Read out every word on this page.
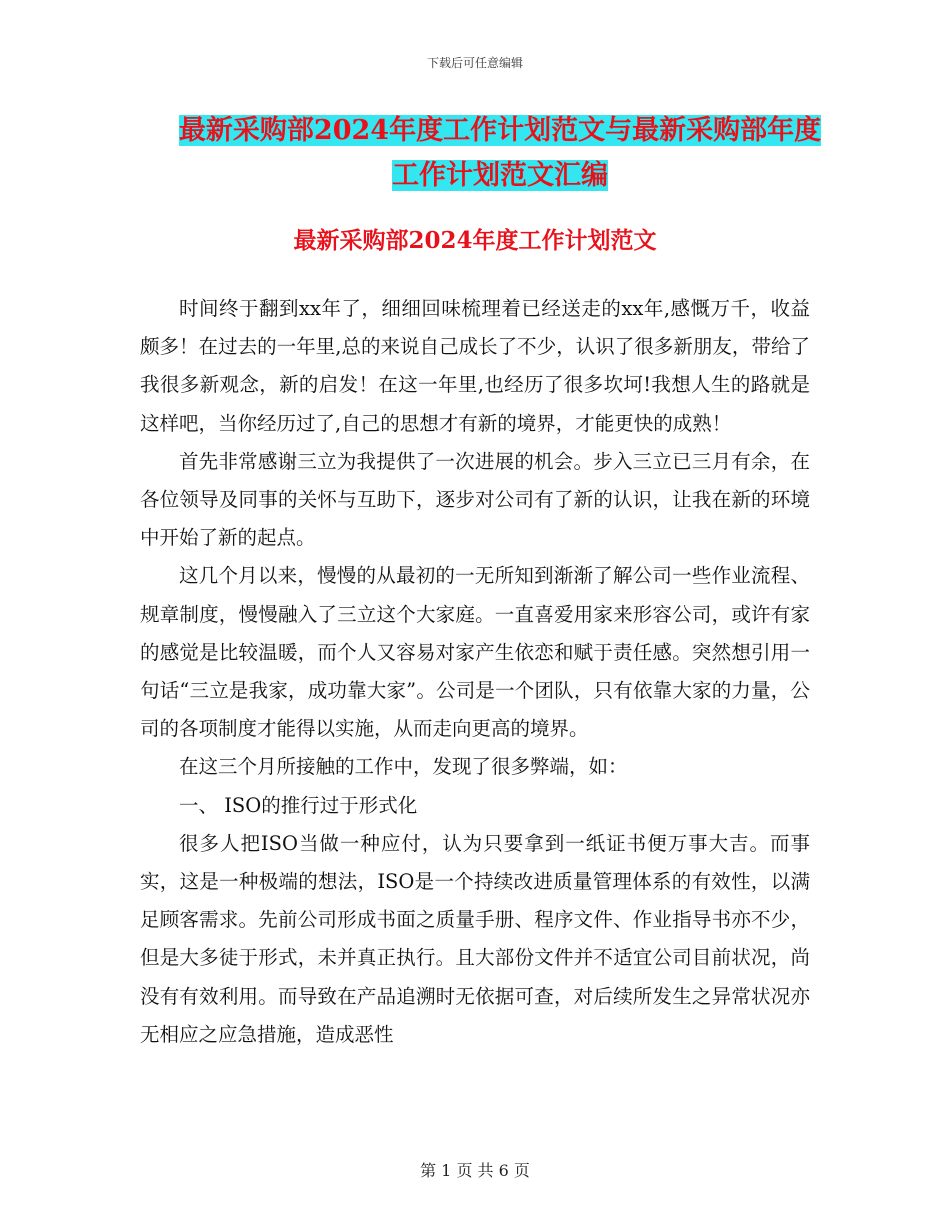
下载后可任意编辑
最新采购部2024年度工作计划范文与最新采购部年度
工作计划范文汇编
最新采购部2024年度工作计划范文

时间终于翻到xx年了，细细回味梳理着已经送走的xx年,感慨万千，收益颇多！在过去的一年里,总的来说自己成长了不少，认识了很多新朋友，带给了我很多新观念，新的启发！在这一年里,也经历了很多坎坷!我想人生的路就是这样吧，当你经历过了,自己的思想才有新的境界，才能更快的成熟！

首先非常感谢三立为我提供了一次进展的机会。步入三立已三月有余，在各位领导及同事的关怀与互助下，逐步对公司有了新的认识，让我在新的环境中开始了新的起点。

这几个月以来，慢慢的从最初的一无所知到渐渐了解公司一些作业流程、规章制度，慢慢融入了三立这个大家庭。一直喜爱用家来形容公司，或许有家的感觉是比较温暖，而个人又容易对家产生依恋和赋于责任感。突然想引用一句话“三立是我家，成功靠大家”。公司是一个团队，只有依靠大家的力量，公司的各项制度才能得以实施，从而走向更高的境界。

在这三个月所接触的工作中，发现了很多弊端，如：

一、 ISO的推行过于形式化

很多人把ISO当做一种应付，认为只要拿到一纸证书便万事大吉。而事实，这是一种极端的想法，ISO是一个持续改进质量管理体系的有效性，以满足顾客需求。先前公司形成书面之质量手册、程序文件、作业指导书亦不少，但是大多徒于形式，未并真正执行。且大部份文件并不适宜公司目前状况，尚没有有效利用。而导致在产品追溯时无依据可查，对后续所发生之异常状况亦无相应之应急措施，造成恶性

第 1 页 共 6 页
